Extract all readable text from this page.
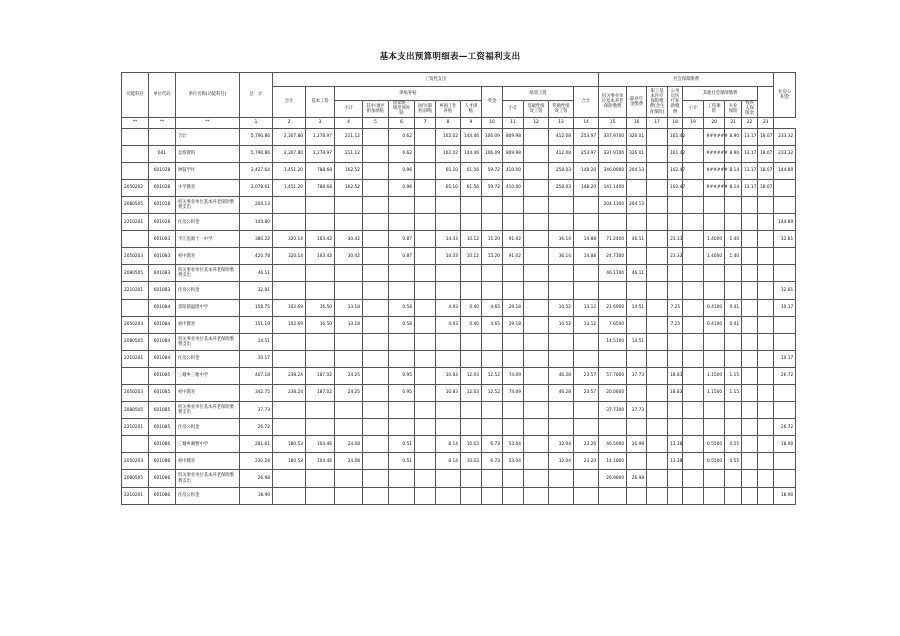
基本支出预算明细表—工资福利支出
功能科目	单位代码	单位名称(功能科目)	总　计	工资性支出													社会保障缴费									住房公积金
				合计	基本工资	津贴补贴						奖金	绩效工资			合计	机关事业单位基本养老保险缴费	职业年金缴费	职工基本医疗保险缴费(含生育保险)	公务员医疗补助缴费	其他社会保障缴费					
						小计	其中:地区附加津贴	国家统一规范津补贴	岗位(职务)津贴	乡镇工作补贴	人才津贴		小计	基础性绩效工资	奖励性绩效工资						小计	工伤保险	失业保险	残疾人保障金		

**	**	**	1	2	3	4	5	6	7	8	9	10	11	12	13	14	15	16	17	18	19	20	21	22	23	
		合计	5,790.86	2,307.80	1,278.97	211.12		0.62		102.02	144.46	106.09	809.98		412.08	253.97	337.9700	326.01		161.42		######	8.90	13.17	18.07	233.32
	601	息烽教科	5,790.86	2,307.80	1,278.97	211.12		0.62		102.02	144.46	106.09	809.98		412.08	253.97	337.9700	326.01		161.42		######	8.90	13.17	18.07	233.32
	601028	钟鼓学区	2,427.64	1,451.20	788.68	162.52		0.96		65.10	61.56	59.72	410.00		258.03	148.20	346.0900	204.13		102.47		######	8.14	13.17	18.07	144.80
2050202	601028	小学教育	2,078.61	1,451.20	788.68	162.52		0.96		65.10	61.56	59.72	410.00		258.03	148.20	141.1400			102.47		######	8.14	13.17	18.07	
2080505	601028	机关事业单位基本养老保险缴费支出	204.13														204.1300	204.13								
2210201	601028	住房公积金	144.80																							144.80
	601083	平江思源十一中学	380.22	320.14	163.42	30.42		0.87		14.33	10.12	15.20	91.02		36.14	14.88	71.2400	46.11		23.33		1.4000	1.40			32.81
2050203	601083	初中教育	420.78	320.14	163.42	30.42		0.87		14.33	10.12	15.20	91.02		36.14	14.88	24.7300			23.33		1.4000	1.40			
2080505	601083	机关事业单位基本养老保险缴费支出	46.11														46.1100	46.11								
2210201	601083	住房公积金	32.81																							32.81
	601084	景阳镇温塔中学	158.75	102.69	16.50	13.18		0.58		4.93	0.40	4.65	29.18		10.52	13.12	21.6900	14.51		7.25		0.4100	0.41			10.17
2050203	601084	初中教育	151.19	102.69	16.50	13.18		0.58		4.93	0.40	4.65	29.18		10.52	13.12	7.6500			7.25		0.4100	0.41			
2080505	601084	机关事业单位基本养老保险缴费支出	14.51														14.5100	14.51								
2210201	601084	住房公积金	10.17																							10.17
	601085	三塘乡三塘中学	407.18	238.24	187.02	24.25		0.95		10.83	12.03	12.52	74.09		46.28	23.57	57.7800	37.73		18.83		1.1500	1.15			26.72
2050203	601085	初中教育	342.75	238.24	187.02	24.25		0.95		10.83	12.03	12.52	74.09		46.28	23.57	20.0800			18.83		1.1500	1.15			
2080505	601085	机关事业单位基本养老保险缴费支出	37.73														37.7300	37.73								
2210201	601085	住房公积金	26.72																							26.72
	601086	三塘乡湘雅中学	281.61	180.53	104.46	24.08		0.51		8.14	10.03	6.73	53.04		32.04	23.20	46.5900	26.98		13.38		0.5500	0.55			18.90
2050203	601086	初中教育	230.28	180.53	104.46	24.08		0.51		8.14	10.03	6.73	53.04		32.04	23.20	14.1800			13.38		0.5500	0.55			
2080505	601086	机关事业单位基本养老保险缴费支出	26.98														26.9800	26.98								
2210201	601086	住房公积金	18.90																							18.90
